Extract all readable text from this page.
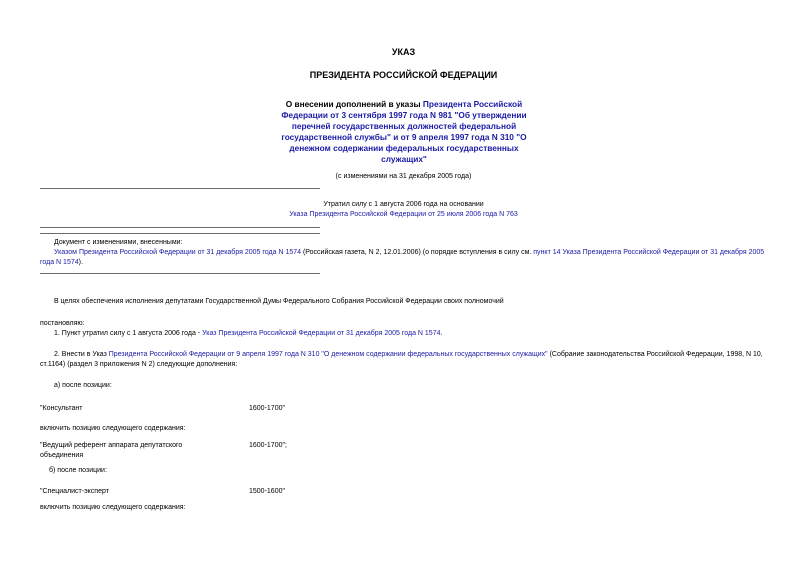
УКАЗ
ПРЕЗИДЕНТА РОССИЙСКОЙ ФЕДЕРАЦИИ
О внесении дополнений в указы Президента Российской Федерации от 3 сентября 1997 года N 981 "Об утверждении перечней государственных должностей федеральной государственной службы" и от 9 апреля 1997 года N 310 "О денежном содержании федеральных государственных служащих"
(с изменениями на 31 декабря 2005 года)
Утратил силу с 1 августа 2006 года на основании
Указа Президента Российской Федерации от 25 июля 2006 года N 763
Документ с изменениями, внесенными:
Указом Президента Российской Федерации от 31 декабря 2005 года N 1574 (Российская газета, N 2, 12.01.2006) (о порядке вступления в силу см. пункт 14 Указа Президента Российской Федерации от 31 декабря 2005 года N 1574).
В целях обеспечения исполнения депутатами Государственной Думы Федерального Собрания Российской Федерации своих полномочий
постановляю:
1. Пункт утратил силу с 1 августа 2006 года - Указ Президента Российской Федерации от 31 декабря 2005 года N 1574.
2. Внести в Указ Президента Российской Федерации от 9 апреля 1997 года N 310 "О денежном содержании федеральных государственных служащих" (Собрание законодательства Российской Федерации, 1998, N 10, ст.1164) (раздел 3 приложения N 2) следующие дополнения:
а) после позиции:
"Консультант	1600-1700"
включить позицию следующего содержания:
"Ведущий референт аппарата депутатского объединения
1600-1700";
б) после позиции:
"Специалист-эксперт	1500-1600"
включить позицию следующего содержания:
